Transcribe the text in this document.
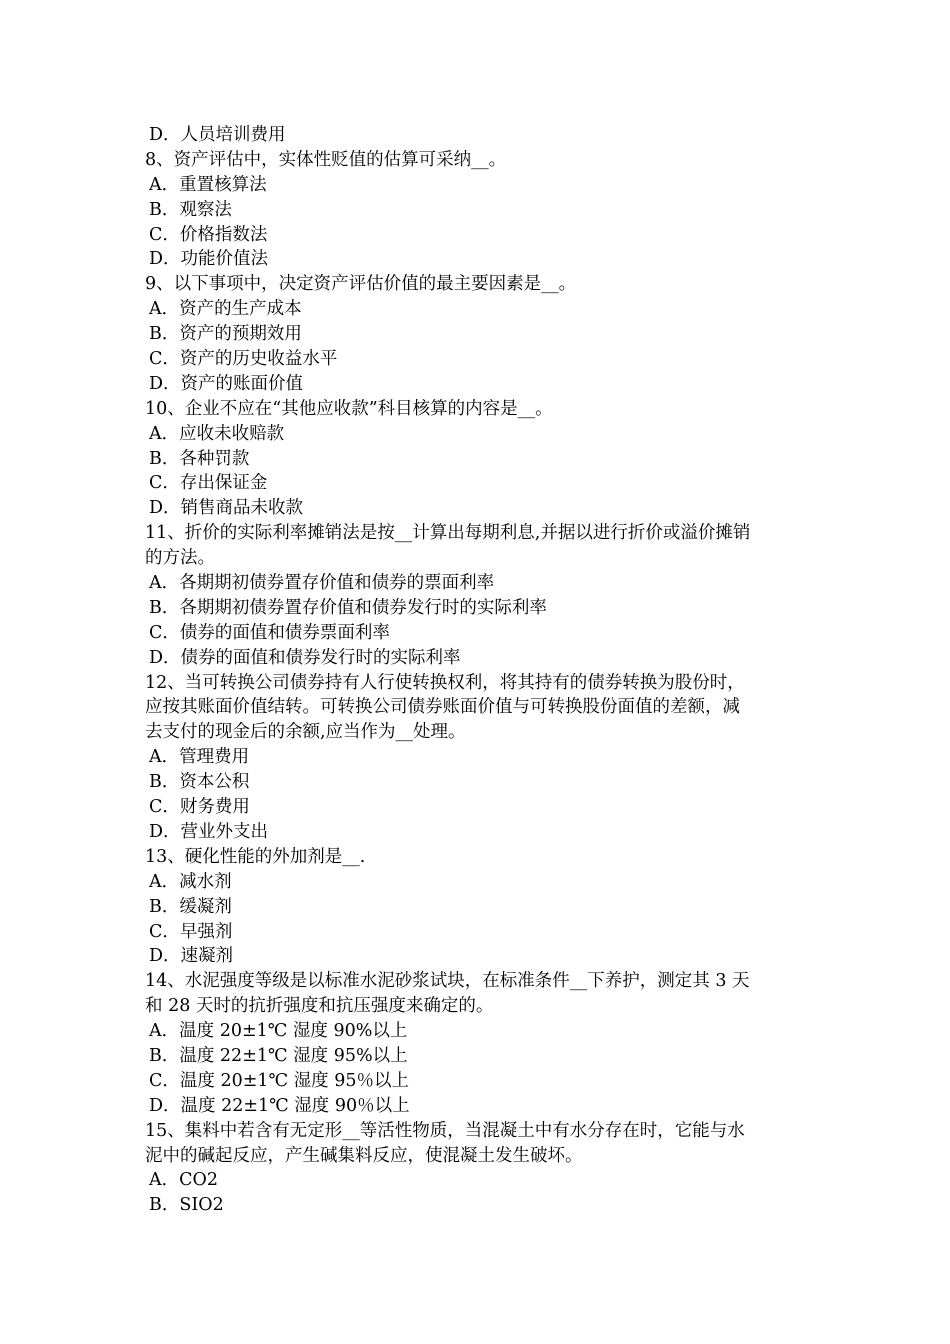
D．人员培训费用
8、资产评估中，实体性贬值的估算可采纳__。
A．重置核算法
B．观察法
C．价格指数法
D．功能价值法
9、以下事项中，决定资产评估价值的最主要因素是__。
A．资产的生产成本
B．资产的预期效用
C．资产的历史收益水平
D．资产的账面价值
10、企业不应在“其他应收款”科目核算的内容是__。
A．应收未收赔款
B．各种罚款
C．存出保证金
D．销售商品未收款
11、折价的实际利率摊销法是按__计算出每期利息,并据以进行折价或溢价摊销
的方法。
A．各期期初债券置存价值和债券的票面利率
B．各期期初债券置存价值和债券发行时的实际利率
C．债券的面值和债券票面利率
D．债券的面值和债券发行时的实际利率
12、当可转换公司债券持有人行使转换权利，将其持有的债券转换为股份时，
应按其账面价值结转。可转换公司债券账面价值与可转换股份面值的差额，减
去支付的现金后的余额,应当作为__处理。
A．管理费用
B．资本公积
C．财务费用
D．营业外支出
13、硬化性能的外加剂是__.
A．减水剂
B．缓凝剂
C．早强剂
D．速凝剂
14、水泥强度等级是以标准水泥砂浆试块，在标准条件__下养护，测定其 3 天
和 28 天时的抗折强度和抗压强度来确定的。
A．温度 20±1℃ 湿度 90%以上
B．温度 22±1℃ 湿度 95%以上
C．温度 20±1℃ 湿度 95％以上
D．温度 22±1℃ 湿度 90％以上
15、集料中若含有无定形__等活性物质，当混凝土中有水分存在时，它能与水
泥中的碱起反应，产生碱集料反应，使混凝土发生破坏。
A．CO2
B．SIO2
